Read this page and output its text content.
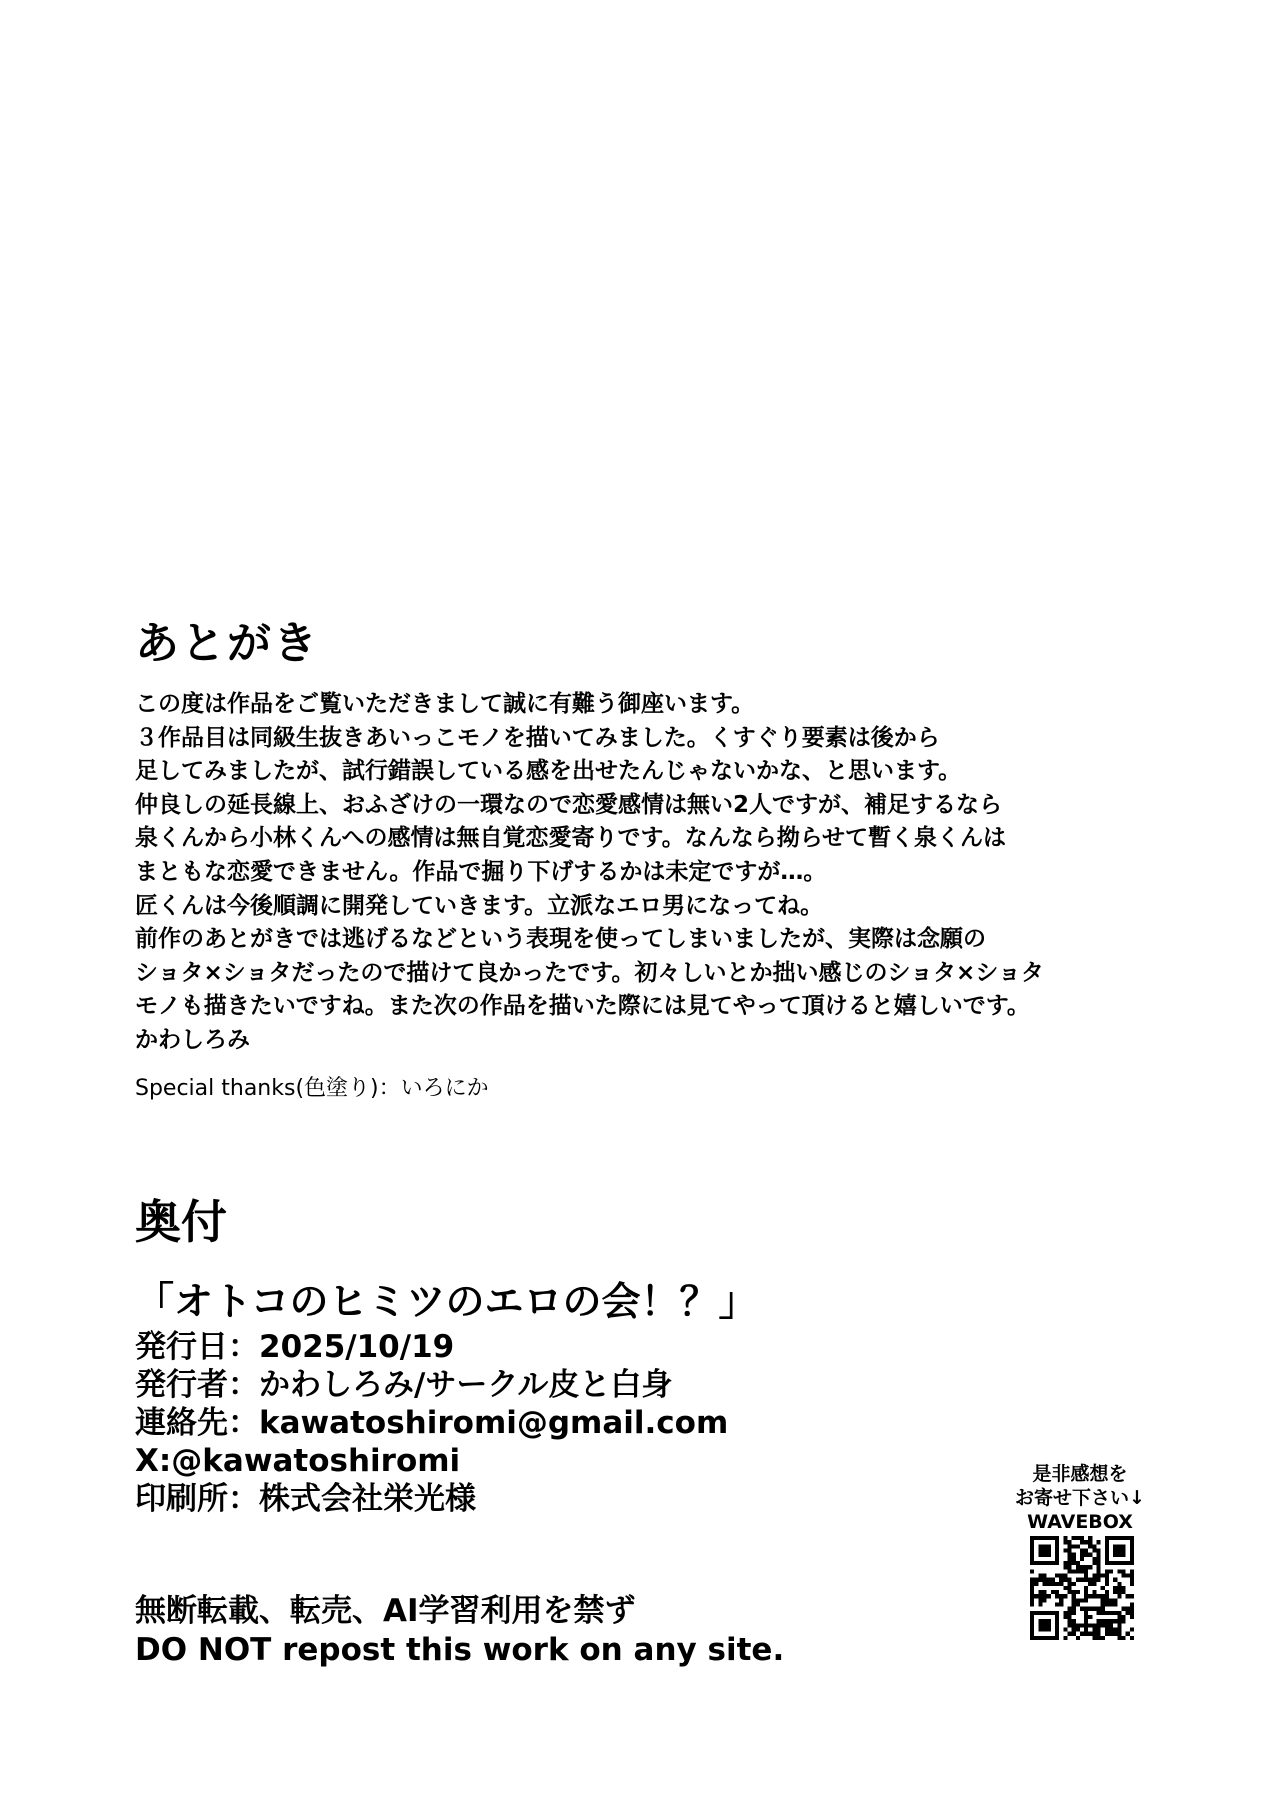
あとがき
この度は作品をご覧いただきまして誠に有難う御座います。
３作品目は同級生抜きあいっこモノを描いてみました。くすぐり要素は後から
足してみましたが、試行錯誤している感を出せたんじゃないかな、と思います。
仲良しの延長線上、おふざけの一環なので恋愛感情は無い2人ですが、補足するなら
泉くんから小林くんへの感情は無自覚恋愛寄りです。なんなら拗らせて暫く泉くんは
まともな恋愛できません。作品で掘り下げするかは未定ですが…。
匠くんは今後順調に開発していきます。立派なエロ男になってね。
前作のあとがきでは逃げるなどという表現を使ってしまいましたが、実際は念願の
ショタ×ショタだったので描けて良かったです。初々しいとか拙い感じのショタ×ショタ
モノも描きたいですね。また次の作品を描いた際には見てやって頂けると嬉しいです。
かわしろみ
Special thanks(色塗り)：いろにか
奥付
「オトコのヒミツのエロの会！？」
発行日：2025/10/19
発行者：かわしろみ/サークル皮と白身
連絡先：kawatoshiromi@gmail.com
X:@kawatoshiromi
印刷所：株式会社栄光様
無断転載、転売、AI学習利用を禁ず
DO NOT repost this work on any site.
是非感想を
お寄せ下さい↓
WAVEBOX
